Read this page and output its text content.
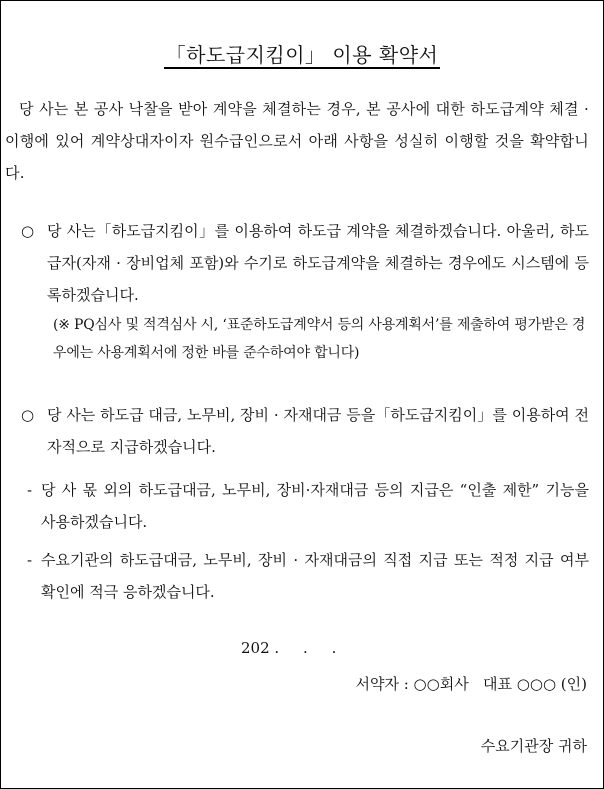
「하도급지킴이」 이용 확약서
당 사는 본 공사 낙찰을 받아 계약을 체결하는 경우, 본 공사에 대한 하도급계약 체결 · 이행에 있어 계약상대자이자 원수급인으로서 아래 사항을 성실히 이행할 것을 확약합니다.
○ 당 사는「하도급지킴이」를 이용하여 하도급 계약을 체결하겠습니다. 아울러, 하도급자(자재 · 장비업체 포함)와 수기로 하도급계약을 체결하는 경우에도 시스템에 등록하겠습니다.
(※ PQ심사 및 적격심사 시, ‘표준하도급계약서 등의 사용계획서’를 제출하여 평가받은 경우에는 사용계획서에 정한 바를 준수하여야 합니다)
○ 당 사는 하도급 대금, 노무비, 장비 · 자재대금 등을「하도급지킴이」를 이용하여 전자적으로 지급하겠습니다.
- 당 사 몫 외의 하도급대금, 노무비, 장비·자재대금 등의 지급은 “인출 제한” 기능을 사용하겠습니다.
- 수요기관의 하도급대금, 노무비, 장비 · 자재대금의 직접 지급 또는 적정 지급 여부 확인에 적극 응하겠습니다.
202 .     .     .
서약자 : ○○회사   대표 ○○○ (인)
수요기관장 귀하
